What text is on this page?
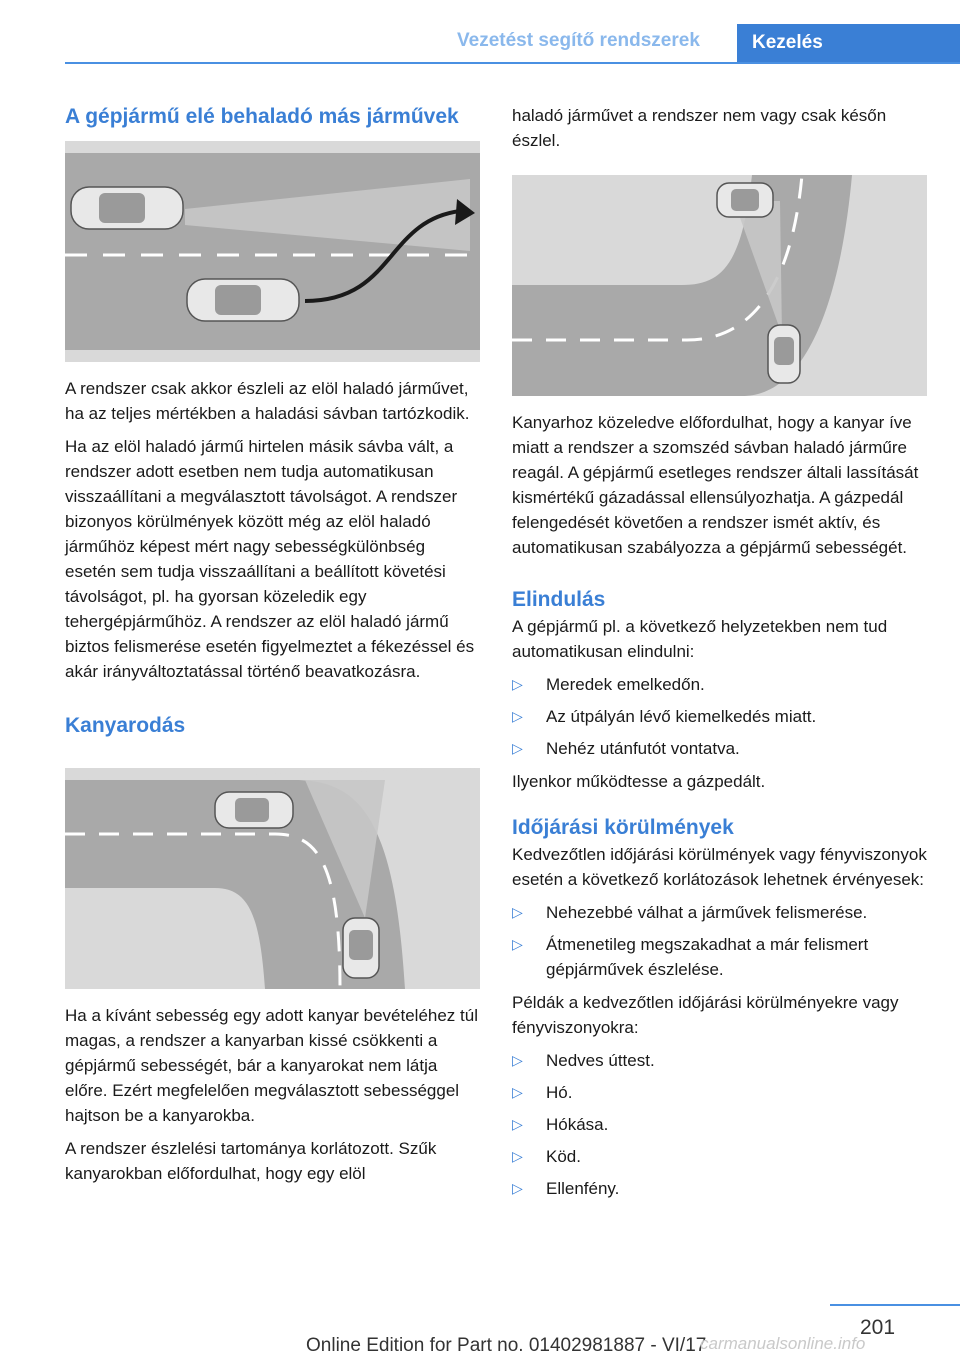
Vezetést segítő rendszerek	Kezelés
A gépjármű elé behaladó más járművek

A rendszer csak akkor észleli az elöl haladó járművet, ha az teljes mértékben a haladási sávban tartózkodik.

Ha az elöl haladó jármű hirtelen másik sávba vált, a rendszer adott esetben nem tudja automatikusan visszaállítani a megválasztott távolságot. A rendszer bizonyos körülmények között még az elöl haladó járműhöz képest mért nagy sebességkülönbség esetén sem tudja visszaállítani a beállított követési távolságot, pl. ha gyorsan közeledik egy tehergépjárműhöz. A rendszer az elöl haladó jármű biztos felismerése esetén figyelmeztet a fékezéssel és akár irányváltoztatással történő beavatkozásra.

Kanyarodás

Ha a kívánt sebesség egy adott kanyar bevételéhez túl magas, a rendszer a kanyarban kissé csökkenti a gépjármű sebességét, bár a kanyarokat nem látja előre. Ezért megfelelően megválasztott sebességgel hajtson be a kanyarokba.

A rendszer észlelési tartománya korlátozott. Szűk kanyarokban előfordulhat, hogy egy elöl

haladó járművet a rendszer nem vagy csak későn észlel.

Kanyarhoz közeledve előfordulhat, hogy a kanyar íve miatt a rendszer a szomszéd sávban haladó járműre reagál. A gépjármű esetleges rendszer általi lassítását kismértékű gázadással ellensúlyozhatja. A gázpedál felengedését követően a rendszer ismét aktív, és automatikusan szabályozza a gépjármű sebességét.

Elindulás

A gépjármű pl. a következő helyzetekben nem tud automatikusan elindulni:

▷ Meredek emelkedőn.
▷ Az útpályán lévő kiemelkedés miatt.
▷ Nehéz utánfutót vontatva.

Ilyenkor működtesse a gázpedált.

Időjárási körülmények

Kedvezőtlen időjárási körülmények vagy fényviszonyok esetén a következő korlátozások lehetnek érvényesek:

▷ Nehezebbé válhat a járművek felismerése.
▷ Átmenetileg megszakadhat a már felismert gépjárművek észlelése.

Példák a kedvezőtlen időjárási körülményekre vagy fényviszonyokra:

▷ Nedves úttest.
▷ Hó.
▷ Hókása.
▷ Köd.
▷ Ellenfény.
201
Online Edition for Part no. 01402981887 - VI/17
carmanualsonline.info
